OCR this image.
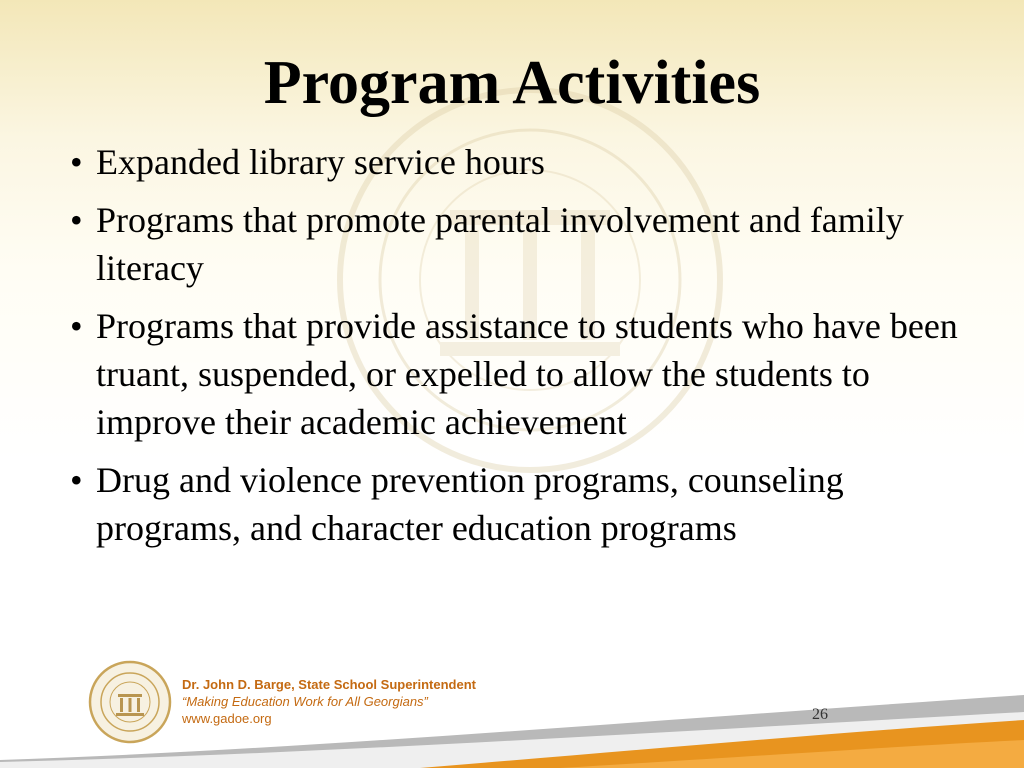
Program Activities
• Expanded library service hours
• Programs that promote parental involvement and family literacy
• Programs that provide assistance to students who have been truant, suspended, or expelled to allow the students to improve their academic achievement
• Drug and violence prevention programs, counseling programs, and character education programs
Dr. John D. Barge, State School Superintendent
“Making Education Work for All Georgians”
www.gadoe.org	26
